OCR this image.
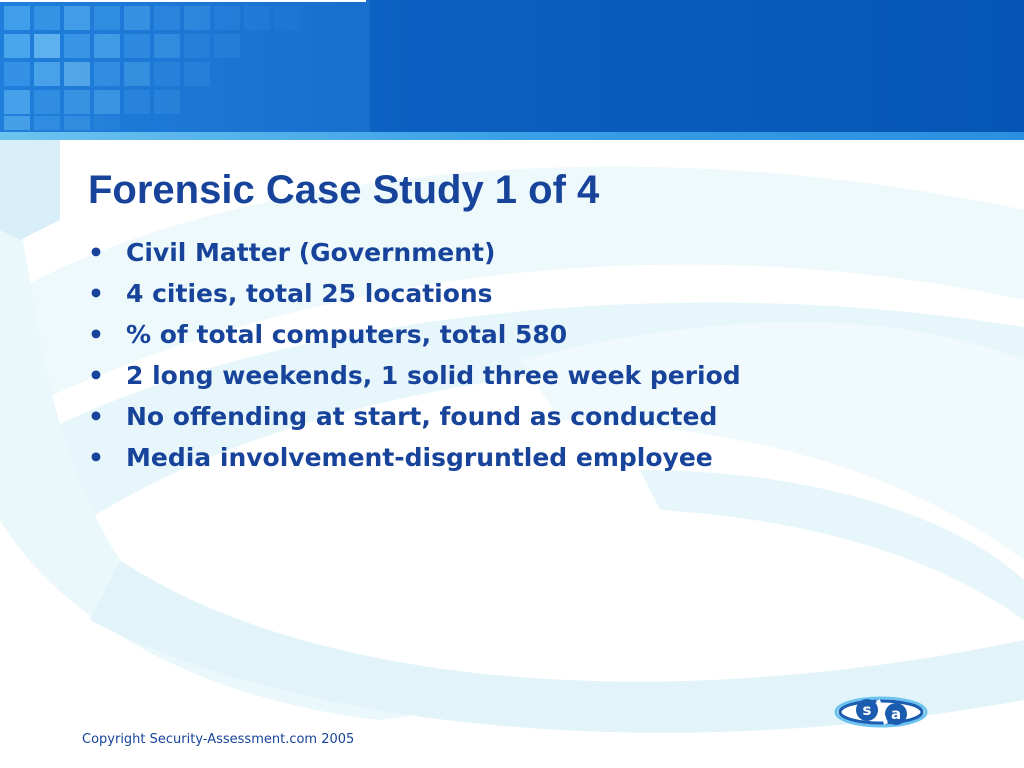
Forensic Case Study 1 of 4
• Civil Matter (Government)
• 4 cities, total 25 locations
• % of total computers, total 580
• 2 long weekends, 1 solid three week period
• No offending at start, found as conducted
• Media involvement-disgruntled employee
s a
Copyright Security-Assessment.com 2005
